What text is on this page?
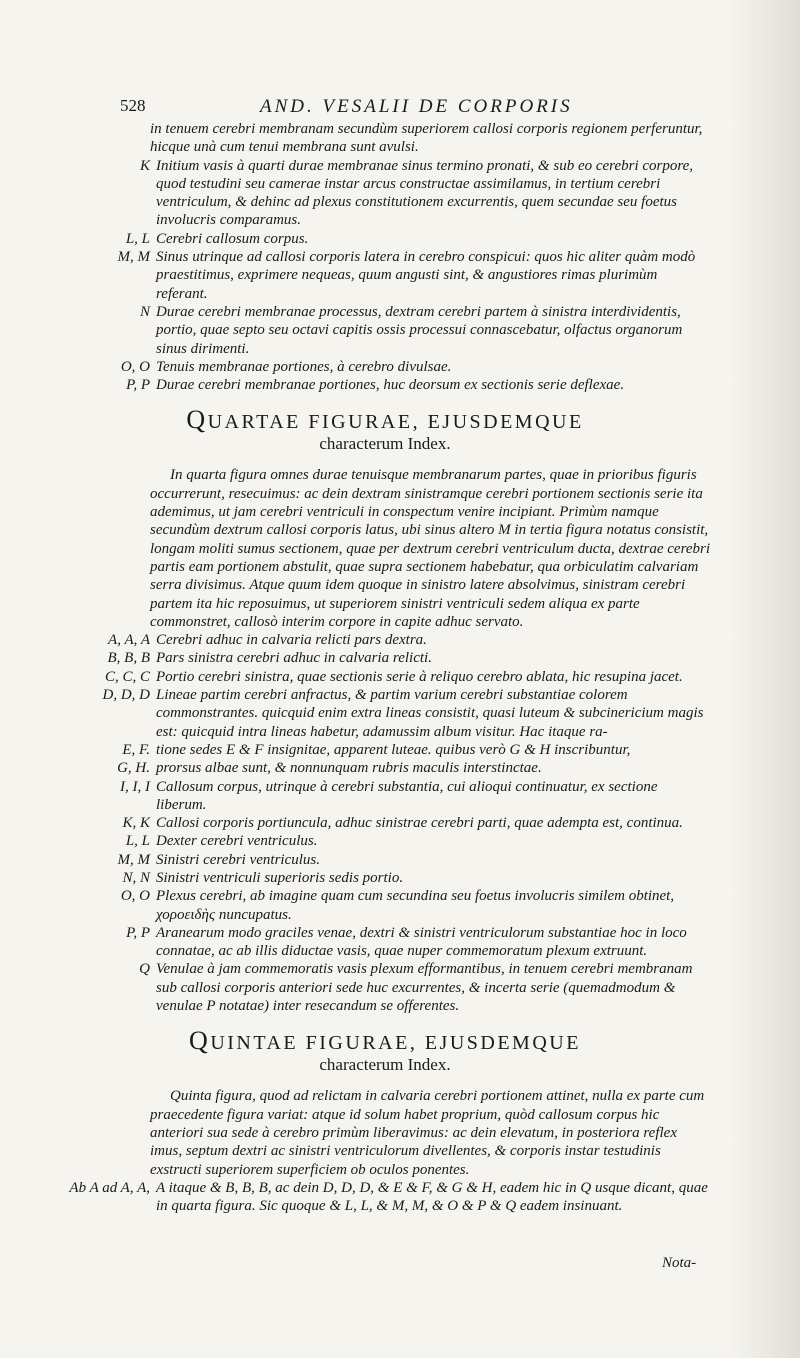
528	AND. VESALII DE CORPORIS
in tenuem cerebri membranam secundùm superiorem callosi corporis regionem perferuntur, hicque unà cum tenui membrana sunt avulsi.
K Initium vasis à quarti durae membranae sinus termino pronati, & sub eo cerebri corpore, quod testudini seu camerae instar arcus constructae assimilamus, in tertium cerebri ventriculum, & dehinc ad plexus constitutionem excurrentis, quem secundae seu foetus involucris comparamus.
L, L Cerebri callosum corpus.
M, M Sinus utrinque ad callosi corporis latera in cerebro conspicui: quos hic aliter quàm modò praestitimus, exprimere nequeas, quum angusti sint, & angustiores rimas plurimùm referant.
N Durae cerebri membranae processus, dextram cerebri partem à sinistra interdividentis, portio, quae septo seu octavi capitis ossis processui connascebatur, olfactus organorum sinus dirimenti.
O, O Tenuis membranae portiones, à cerebro divulsae.
P, P Durae cerebri membranae portiones, huc deorsum ex sectionis serie deflexae.
QUARTAE FIGURAE, EJUSDEMQUE
characterum Index.
In quarta figura omnes durae tenuisque membranarum partes, quae in prioribus figuris occurrerunt, resecuimus: ac dein dextram sinistramque cerebri portionem sectionis serie ita ademimus, ut jam cerebri ventriculi in conspectum venire incipiant. Primùm namque secundùm dextrum callosi corporis latus, ubi sinus altero M in tertia figura notatus consistit, longam moliti sumus sectionem, quae per dextrum cerebri ventriculum ducta, dextrae cerebri partis eam portionem abstulit, quae supra sectionem habebatur, qua orbiculatim calvariam serra divisimus. Atque quum idem quoque in sinistro latere absolvimus, sinistram cerebri partem ita hic reposuimus, ut superiorem sinistri ventriculi sedem aliqua ex parte commonstret, callosò interim corpore in capite adhuc servato.
A, A, A Cerebri adhuc in calvaria relicti pars dextra.
B, B, B Pars sinistra cerebri adhuc in calvaria relicti.
C, C, C Portio cerebri sinistra, quae sectionis serie à reliquo cerebro ablata, hic resupina jacet.
D, D, D Lineae partim cerebri anfractus, & partim varium cerebri substantiae colorem commonstrantes. quicquid enim extra lineas consistit, quasi luteum & subcinericium magis est: quicquid intra lineas habetur, adamussim album visitur. Hac itaque ra-
E, F. tione sedes E & F insignitae, apparent luteae. quibus verò G & H inscribuntur,
G, H. prorsus albae sunt, & nonnunquam rubris maculis interstinctae.
I, I, I Callosum corpus, utrinque à cerebri substantia, cui alioqui continuatur, ex sectione liberum.
K, K Callosi corporis portiuncula, adhuc sinistrae cerebri parti, quae adempta est, continua.
L, L Dexter cerebri ventriculus.
M, M Sinistri cerebri ventriculus.
N, N Sinistri ventriculi superioris sedis portio.
O, O Plexus cerebri, ab imagine quam cum secundina seu foetus involucris similem obtinet, χοροειδὴς nuncupatus.
P, P Aranearum modo graciles venae, dextri & sinistri ventriculorum substantiae hoc in loco connatae, ac ab illis diductae vasis, quae nuper commemoratum plexum extruunt.
Q Venulae à jam commemoratis vasis plexum efformantibus, in tenuem cerebri membranam sub callosi corporis anteriori sede huc excurrentes, & incerta serie (quemadmodum & venulae P notatae) inter resecandum se offerentes.
QUINTAE FIGURAE, EJUSDEMQUE
characterum Index.
Quinta figura, quod ad relictam in calvaria cerebri portionem attinet, nulla ex parte cum praecedente figura variat: atque id solum habet proprium, quòd callosum corpus hic anteriori sua sede à cerebro primùm liberavimus: ac dein elevatum, in posteriora reflex imus, septum dextri ac sinistri ventriculorum divellentes, & corporis instar testudinis exstructi superiorem superficiem ob oculos ponentes.
Ab A ad A, A, A itaque & B, B, B, ac dein D, D, D, & E & F, & G & H, eadem hic in Q usque dicant, quae in quarta figura. Sic quoque & L, L, & M, M, & O & P & Q eadem insinuant.
Nota-
